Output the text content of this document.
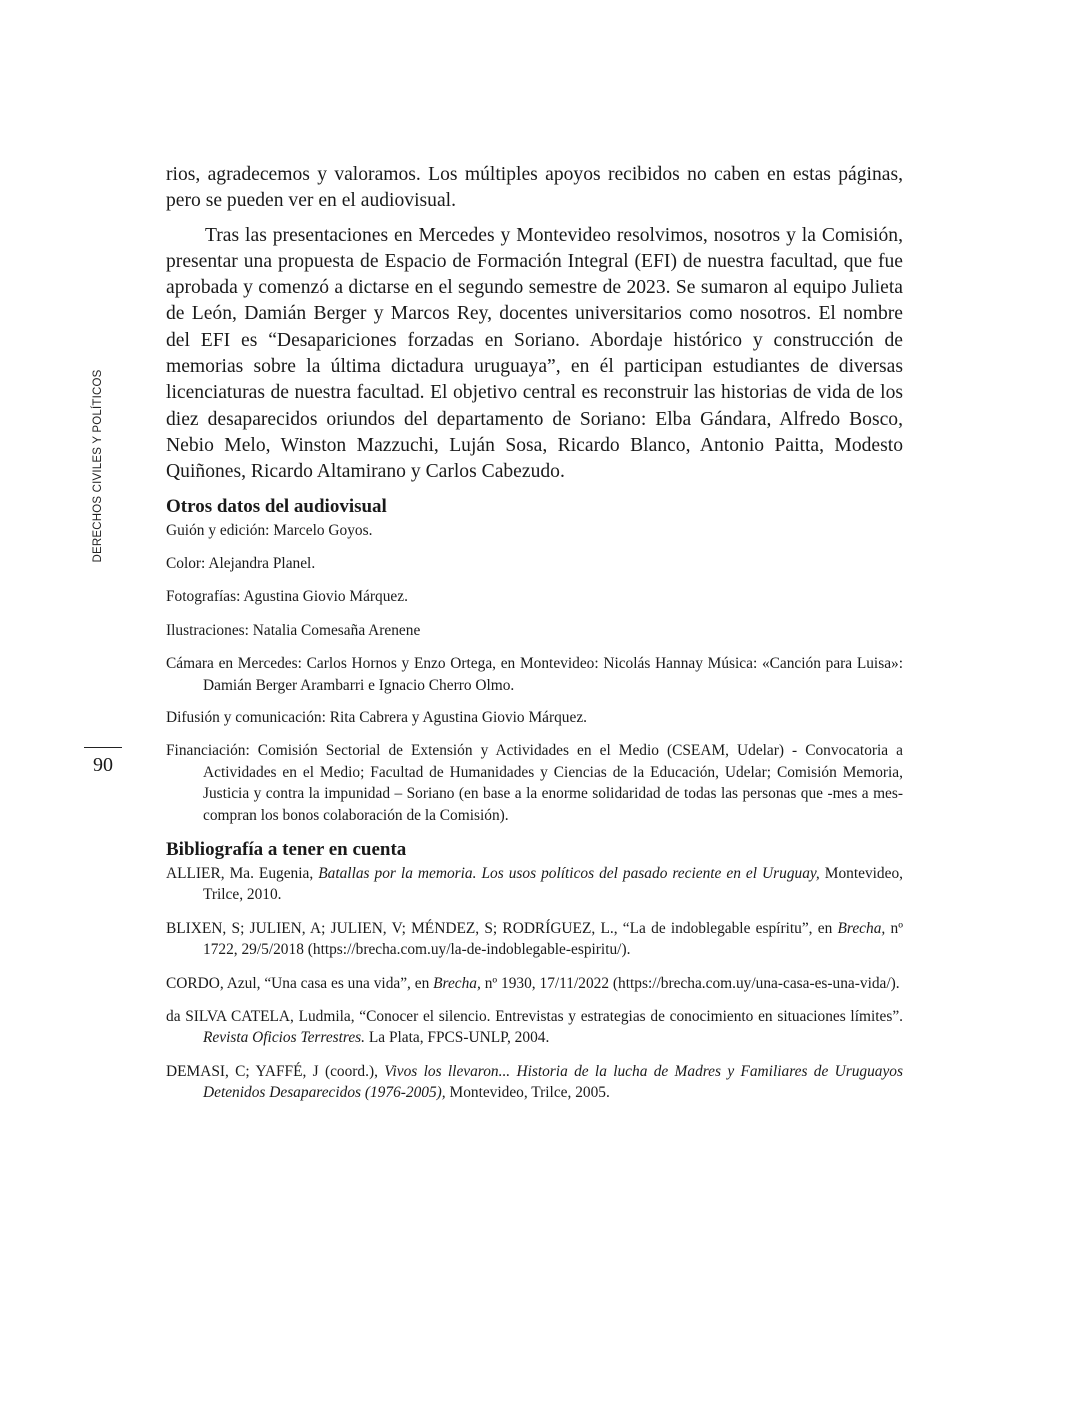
DERECHOS CIVILES Y POLÍTICOS
90

rios, agradecemos y valoramos. Los múltiples apoyos recibidos no caben en estas páginas, pero se pueden ver en el audiovisual.

Tras las presentaciones en Mercedes y Montevideo resolvimos, nosotros y la Comisión, presentar una propuesta de Espacio de Formación Integral (EFI) de nuestra facultad, que fue aprobada y comenzó a dictarse en el segundo semestre de 2023. Se sumaron al equipo Julieta de León, Damián Berger y Marcos Rey, docentes universitarios como nosotros. El nombre del EFI es “Desapariciones forzadas en Soriano. Abordaje histórico y construcción de memorias sobre la última dictadura uruguaya”, en él participan estudiantes de diversas licenciaturas de nuestra facultad. El objetivo central es reconstruir las historias de vida de los diez desaparecidos oriundos del departamento de Soriano: Elba Gándara, Alfredo Bosco, Nebio Melo, Winston Mazzuchi, Luján Sosa, Ricardo Blanco, Antonio Paitta, Modesto Quiñones, Ricardo Altamirano y Carlos Cabezudo.

Otros datos del audiovisual

Guión y edición: Marcelo Goyos.

Color: Alejandra Planel.

Fotografías: Agustina Giovio Márquez.

Ilustraciones: Natalia Comesaña Arenene

Cámara en Mercedes: Carlos Hornos y Enzo Ortega, en Montevideo: Nicolás Hannay Música: «Canción para Luisa»: Damián Berger Arambarri e Ignacio Cherro Olmo.

Difusión y comunicación: Rita Cabrera y Agustina Giovio Márquez.

Financiación: Comisión Sectorial de Extensión y Actividades en el Medio (CSEAM, Udelar) - Convocatoria a Actividades en el Medio; Facultad de Humanidades y Ciencias de la Educación, Udelar; Comisión Memoria, Justicia y contra la impunidad – Soriano (en base a la enorme solidaridad de todas las personas que -mes a mes- compran los bonos colaboración de la Comisión).

Bibliografía a tener en cuenta

ALLIER, Ma. Eugenia, Batallas por la memoria. Los usos políticos del pasado reciente en el Uruguay, Montevideo, Trilce, 2010.

BLIXEN, S; JULIEN, A; JULIEN, V; MÉNDEZ, S; RODRÍGUEZ, L., “La de indoblegable espíritu”, en Brecha, nº 1722, 29/5/2018 (https://brecha.com.uy/la-de-indoblegable-espiritu/).

CORDO, Azul, “Una casa es una vida”, en Brecha, nº 1930, 17/11/2022 (https://brecha.com.uy/una-casa-es-una-vida/).

da SILVA CATELA, Ludmila, “Conocer el silencio. Entrevistas y estrategias de conocimiento en situaciones límites”. Revista Oficios Terrestres. La Plata, FPCS-UNLP, 2004.

DEMASI, C; YAFFÉ, J (coord.), Vivos los llevaron... Historia de la lucha de Madres y Familiares de Uruguayos Detenidos Desaparecidos (1976-2005), Montevideo, Trilce, 2005.
